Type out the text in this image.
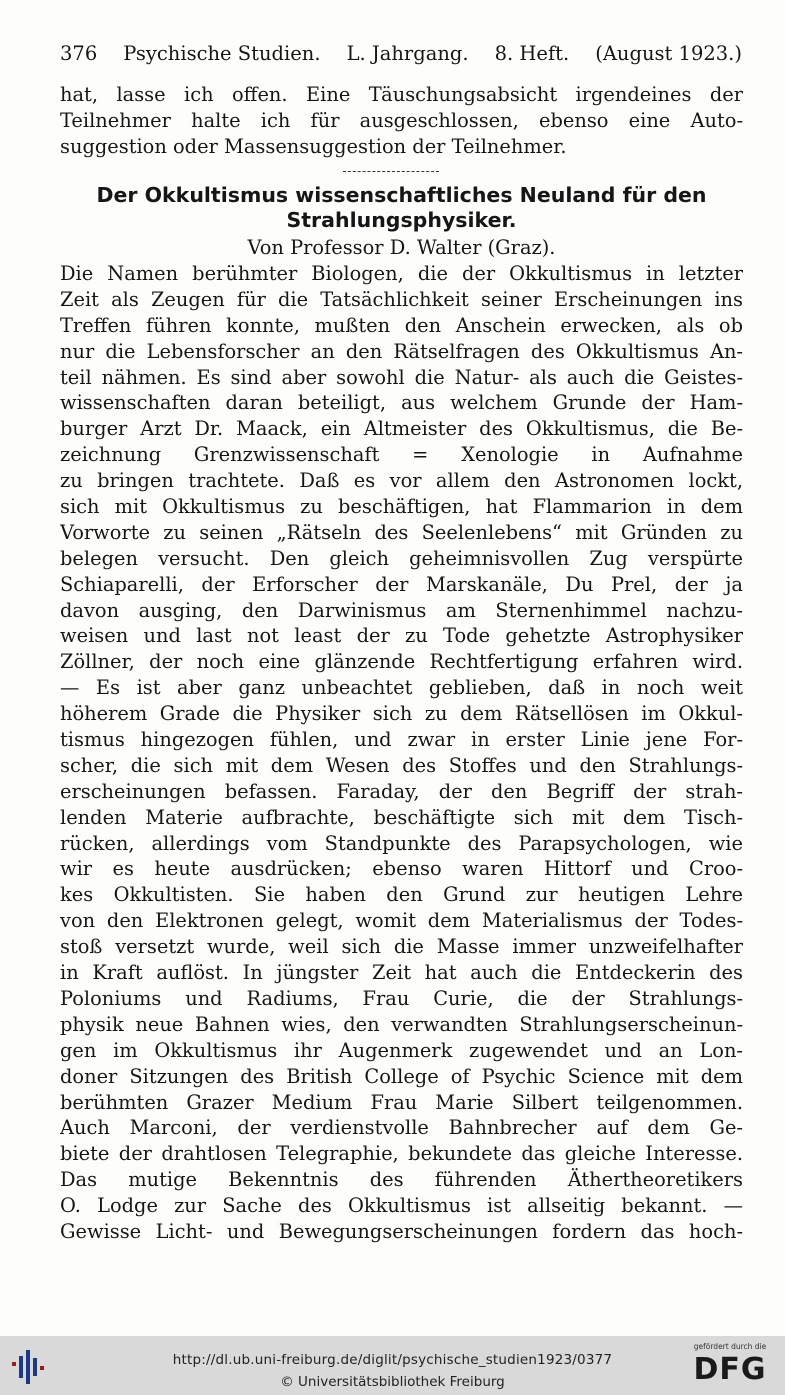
376 Psychische Studien. L. Jahrgang. 8. Heft. (August 1923.)
hat, lasse ich offen. Eine Täuschungsabsicht irgendeines der
Teilnehmer halte ich für ausgeschlossen, ebenso eine Auto-
suggestion oder Massensuggestion der Teilnehmer.
Der Okkultismus wissenschaftliches Neuland für den
Strahlungsphysiker.
Von Professor D. Walter (Graz).
Die Namen berühmter Biologen, die der Okkultismus in letzter
Zeit als Zeugen für die Tatsächlichkeit seiner Erscheinungen ins
Treffen führen konnte, mußten den Anschein erwecken, als ob
nur die Lebensforscher an den Rätselfragen des Okkultismus An-
teil nähmen. Es sind aber sowohl die Natur- als auch die Geistes-
wissenschaften daran beteiligt, aus welchem Grunde der Ham-
burger Arzt Dr. Maack, ein Altmeister des Okkultismus, die Be-
zeichnung Grenzwissenschaft = Xenologie in Aufnahme
zu bringen trachtete. Daß es vor allem den Astronomen lockt,
sich mit Okkultismus zu beschäftigen, hat Flammarion in dem
Vorworte zu seinen „Rätseln des Seelenlebens“ mit Gründen zu
belegen versucht. Den gleich geheimnisvollen Zug verspürte
Schiaparelli, der Erforscher der Marskanäle, Du Prel, der ja
davon ausging, den Darwinismus am Sternenhimmel nachzu-
weisen und last not least der zu Tode gehetzte Astrophysiker
Zöllner, der noch eine glänzende Rechtfertigung erfahren wird.
— Es ist aber ganz unbeachtet geblieben, daß in noch weit
höherem Grade die Physiker sich zu dem Rätsellösen im Okkul-
tismus hingezogen fühlen, und zwar in erster Linie jene For-
scher, die sich mit dem Wesen des Stoffes und den Strahlungs-
erscheinungen befassen. Faraday, der den Begriff der strah-
lenden Materie aufbrachte, beschäftigte sich mit dem Tisch-
rücken, allerdings vom Standpunkte des Parapsychologen, wie
wir es heute ausdrücken; ebenso waren Hittorf und Croo-
kes Okkultisten. Sie haben den Grund zur heutigen Lehre
von den Elektronen gelegt, womit dem Materialismus der Todes-
stoß versetzt wurde, weil sich die Masse immer unzweifelhafter
in Kraft auflöst. In jüngster Zeit hat auch die Entdeckerin des
Poloniums und Radiums, Frau Curie, die der Strahlungs-
physik neue Bahnen wies, den verwandten Strahlungserscheinun-
gen im Okkultismus ihr Augenmerk zugewendet und an Lon-
doner Sitzungen des British College of Psychic Science mit dem
berühmten Grazer Medium Frau Marie Silbert teilgenommen.
Auch Marconi, der verdienstvolle Bahnbrecher auf dem Ge-
biete der drahtlosen Telegraphie, bekundete das gleiche Interesse.
Das mutige Bekenntnis des führenden Äthertheoretikers
O. Lodge zur Sache des Okkultismus ist allseitig bekannt. —
Gewisse Licht- und Bewegungserscheinungen fordern das hoch-
http://dl.ub.uni-freiburg.de/diglit/psychische_studien1923/0377
© Universitätsbibliothek Freiburg
gefördert durch die
DFG
